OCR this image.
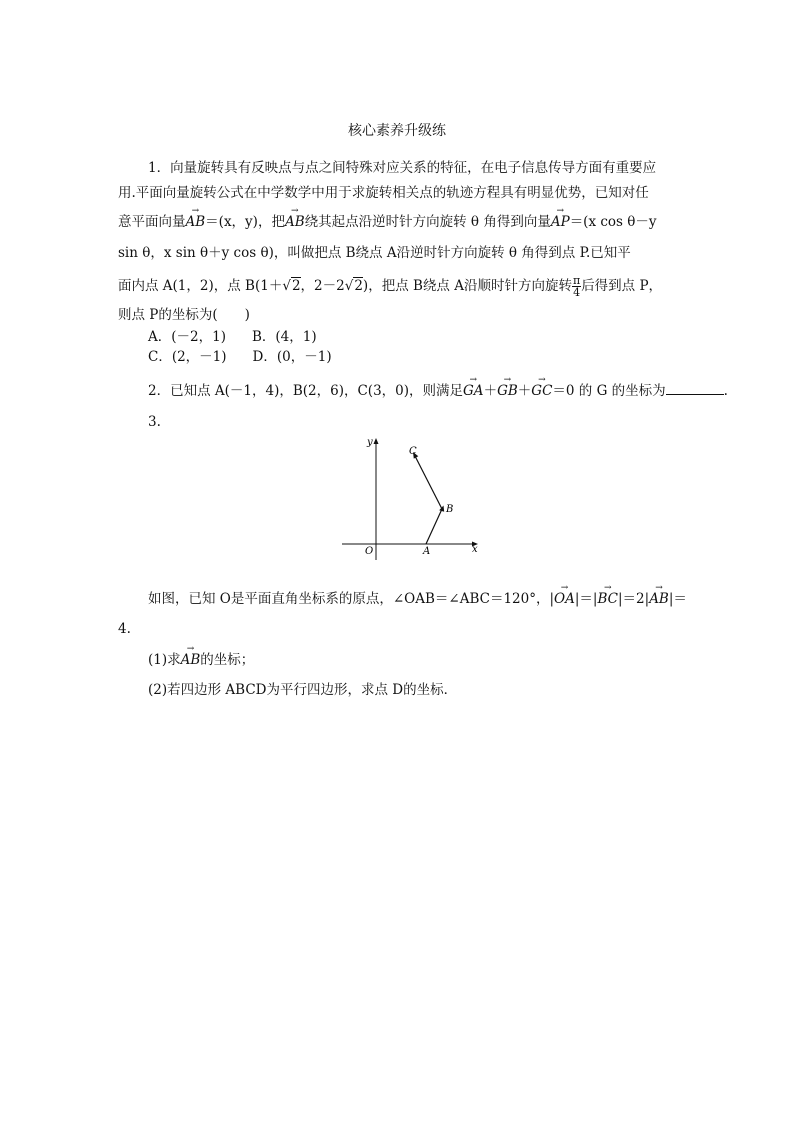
核心素养升级练
1．向量旋转具有反映点与点之间特殊对应关系的特征，在电子信息传导方面有重要应
用.平面向量旋转公式在中学数学中用于求旋转相关点的轨迹方程具有明显优势，已知对任
意平面向量→ AB＝(x，y)，把→ AB绕其起点沿逆时针方向旋转 θ 角得到向量→ AP＝(x cos θ－y
sin θ，x sin θ＋y cos θ)，叫做把点 B绕点 A沿逆时针方向旋转 θ 角得到点 P.已知平
面内点 A(1，2)，点 B(1＋√2，2－2√2)，把点 B绕点 A沿顺时针方向旋转 $\frac{\pi}{4}$ 后得到点 P，
则点 P的坐标为(　　)
A．(－2，1) B．(4，1)
C．(2，－1) D．(0，－1)
2．已知点 A(－1，4)，B(2，6)，C(3，0)，则满足→ GA＋→ GB＋→ GC＝0 的 G 的坐标为	.
3.
y
x
O	A
B
C
如图，已知 O是平面直角坐标系的原点，∠OAB＝∠ABC＝120°，|→ OA|＝|→ BC|＝2|→ AB|＝
4.
(1)求→ AB的坐标；
(2)若四边形 ABCD为平行四边形，求点 D的坐标．
